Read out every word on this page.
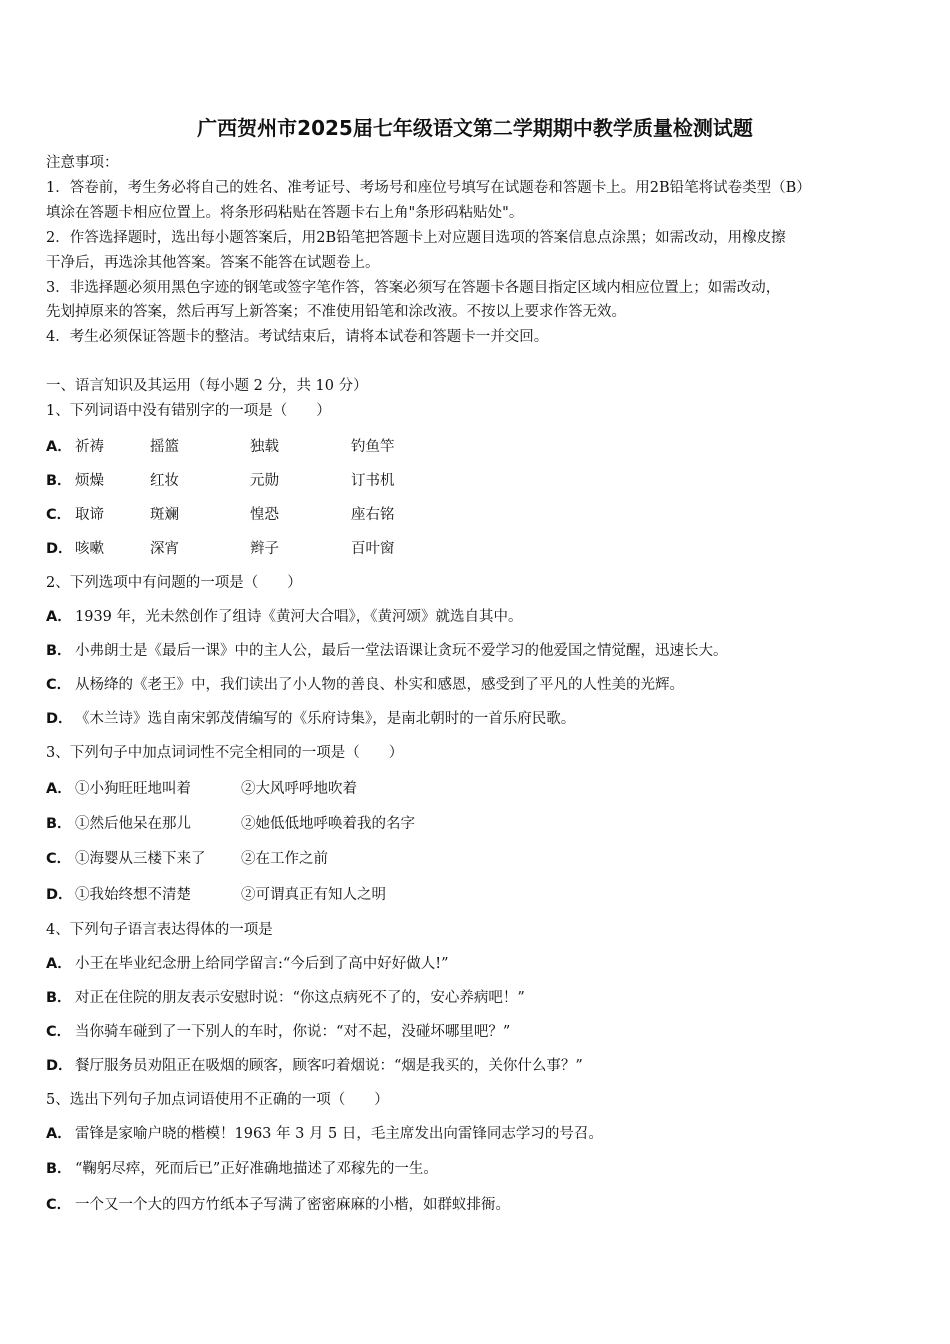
广西贺州市2025届七年级语文第二学期期中教学质量检测试题
注意事项：
1．答卷前，考生务必将自己的姓名、准考证号、考场号和座位号填写在试题卷和答题卡上。用2B铅笔将试卷类型（B）
填涂在答题卡相应位置上。将条形码粘贴在答题卡右上角"条形码粘贴处"。
2．作答选择题时，选出每小题答案后，用2B铅笔把答题卡上对应题目选项的答案信息点涂黑；如需改动，用橡皮擦
干净后，再选涂其他答案。答案不能答在试题卷上。
3．非选择题必须用黑色字迹的钢笔或签字笔作答，答案必须写在答题卡各题目指定区域内相应位置上；如需改动，
先划掉原来的答案，然后再写上新答案；不准使用铅笔和涂改液。不按以上要求作答无效。
4．考生必须保证答题卡的整洁。考试结束后，请将本试卷和答题卡一并交回。
一、语言知识及其运用（每小题 2 分，共 10 分）
1、下列词语中没有错别字的一项是（　　）
A． 祈祷	摇篮	独载	钓鱼竿
B． 烦燥	红妆	元勋	订书机
C． 取谛	斑斓	惶恐	座右铭
D． 咳嗽	深宵	辫子	百叶窗
2、下列选项中有问题的一项是（　　）
A． 1939 年，光未然创作了组诗《黄河大合唱》，《黄河颂》就选自其中。
B． 小弗朗士是《最后一课》中的主人公，最后一堂法语课让贪玩不爱学习的他爱国之情觉醒，迅速长大。
C． 从杨绛的《老王》中，我们读出了小人物的善良、朴实和感恩，感受到了平凡的人性美的光辉。
D． 《木兰诗》选自南宋郭茂倩编写的《乐府诗集》，是南北朝时的一首乐府民歌。
3、下列句子中加点词词性不完全相同的一项是（　　）
A． ①小狗旺旺地叫着	②大风呼呼地吹着
B． ①然后他呆在那儿	②她低低地呼唤着我的名字
C． ①海婴从三楼下来了 ②在工作之前
D． ①我始终想不清楚	②可谓真正有知人之明
4、下列句子语言表达得体的一项是
A． 小王在毕业纪念册上给同学留言:“今后到了高中好好做人!”
B． 对正在住院的朋友表示安慰时说：“你这点病死不了的，安心养病吧！”
C． 当你骑车碰到了一下别人的车时，你说：“对不起，没碰坏哪里吧？”
D． 餐厅服务员劝阻正在吸烟的顾客，顾客叼着烟说：“烟是我买的，关你什么事？”
5、选出下列句子加点词语使用不正确的一项（　　）
A． 雷锋是家喻户晓的楷模！1963 年 3 月 5 日，毛主席发出向雷锋同志学习的号召。
B． “鞠躬尽瘁，死而后已”正好准确地描述了邓稼先的一生。
C． 一个又一个大的四方竹纸本子写满了密密麻麻的小楷，如群蚁排衙。
